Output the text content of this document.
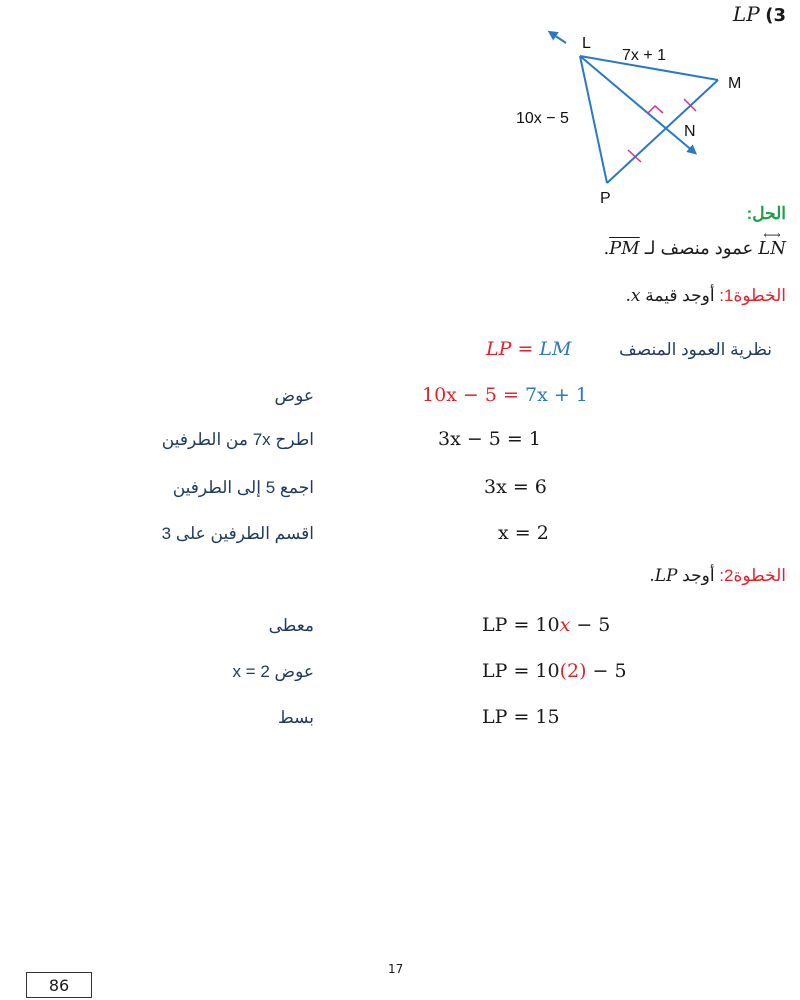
LP (3
L
M
N
P
7x + 1
10x − 5
الحل:
$.\overline{PM}$ عمود منصف لـ LN
⟷
.x أوجد قيمة الخطوة1:
LP = LM	نظرية العمود المنصف
10x − 5 = 7x + 1
عوض
3x − 5 = 1
اطرح 7x من الطرفين
3x = 6
اجمع 5 إلى الطرفين
x = 2
اقسم الطرفين على 3
.LP أوجد الخطوة2:
LP = 10x − 5
معطى
LP = 10(2) − 5
عوض x = 2
LP = 15
بسط
17
86
